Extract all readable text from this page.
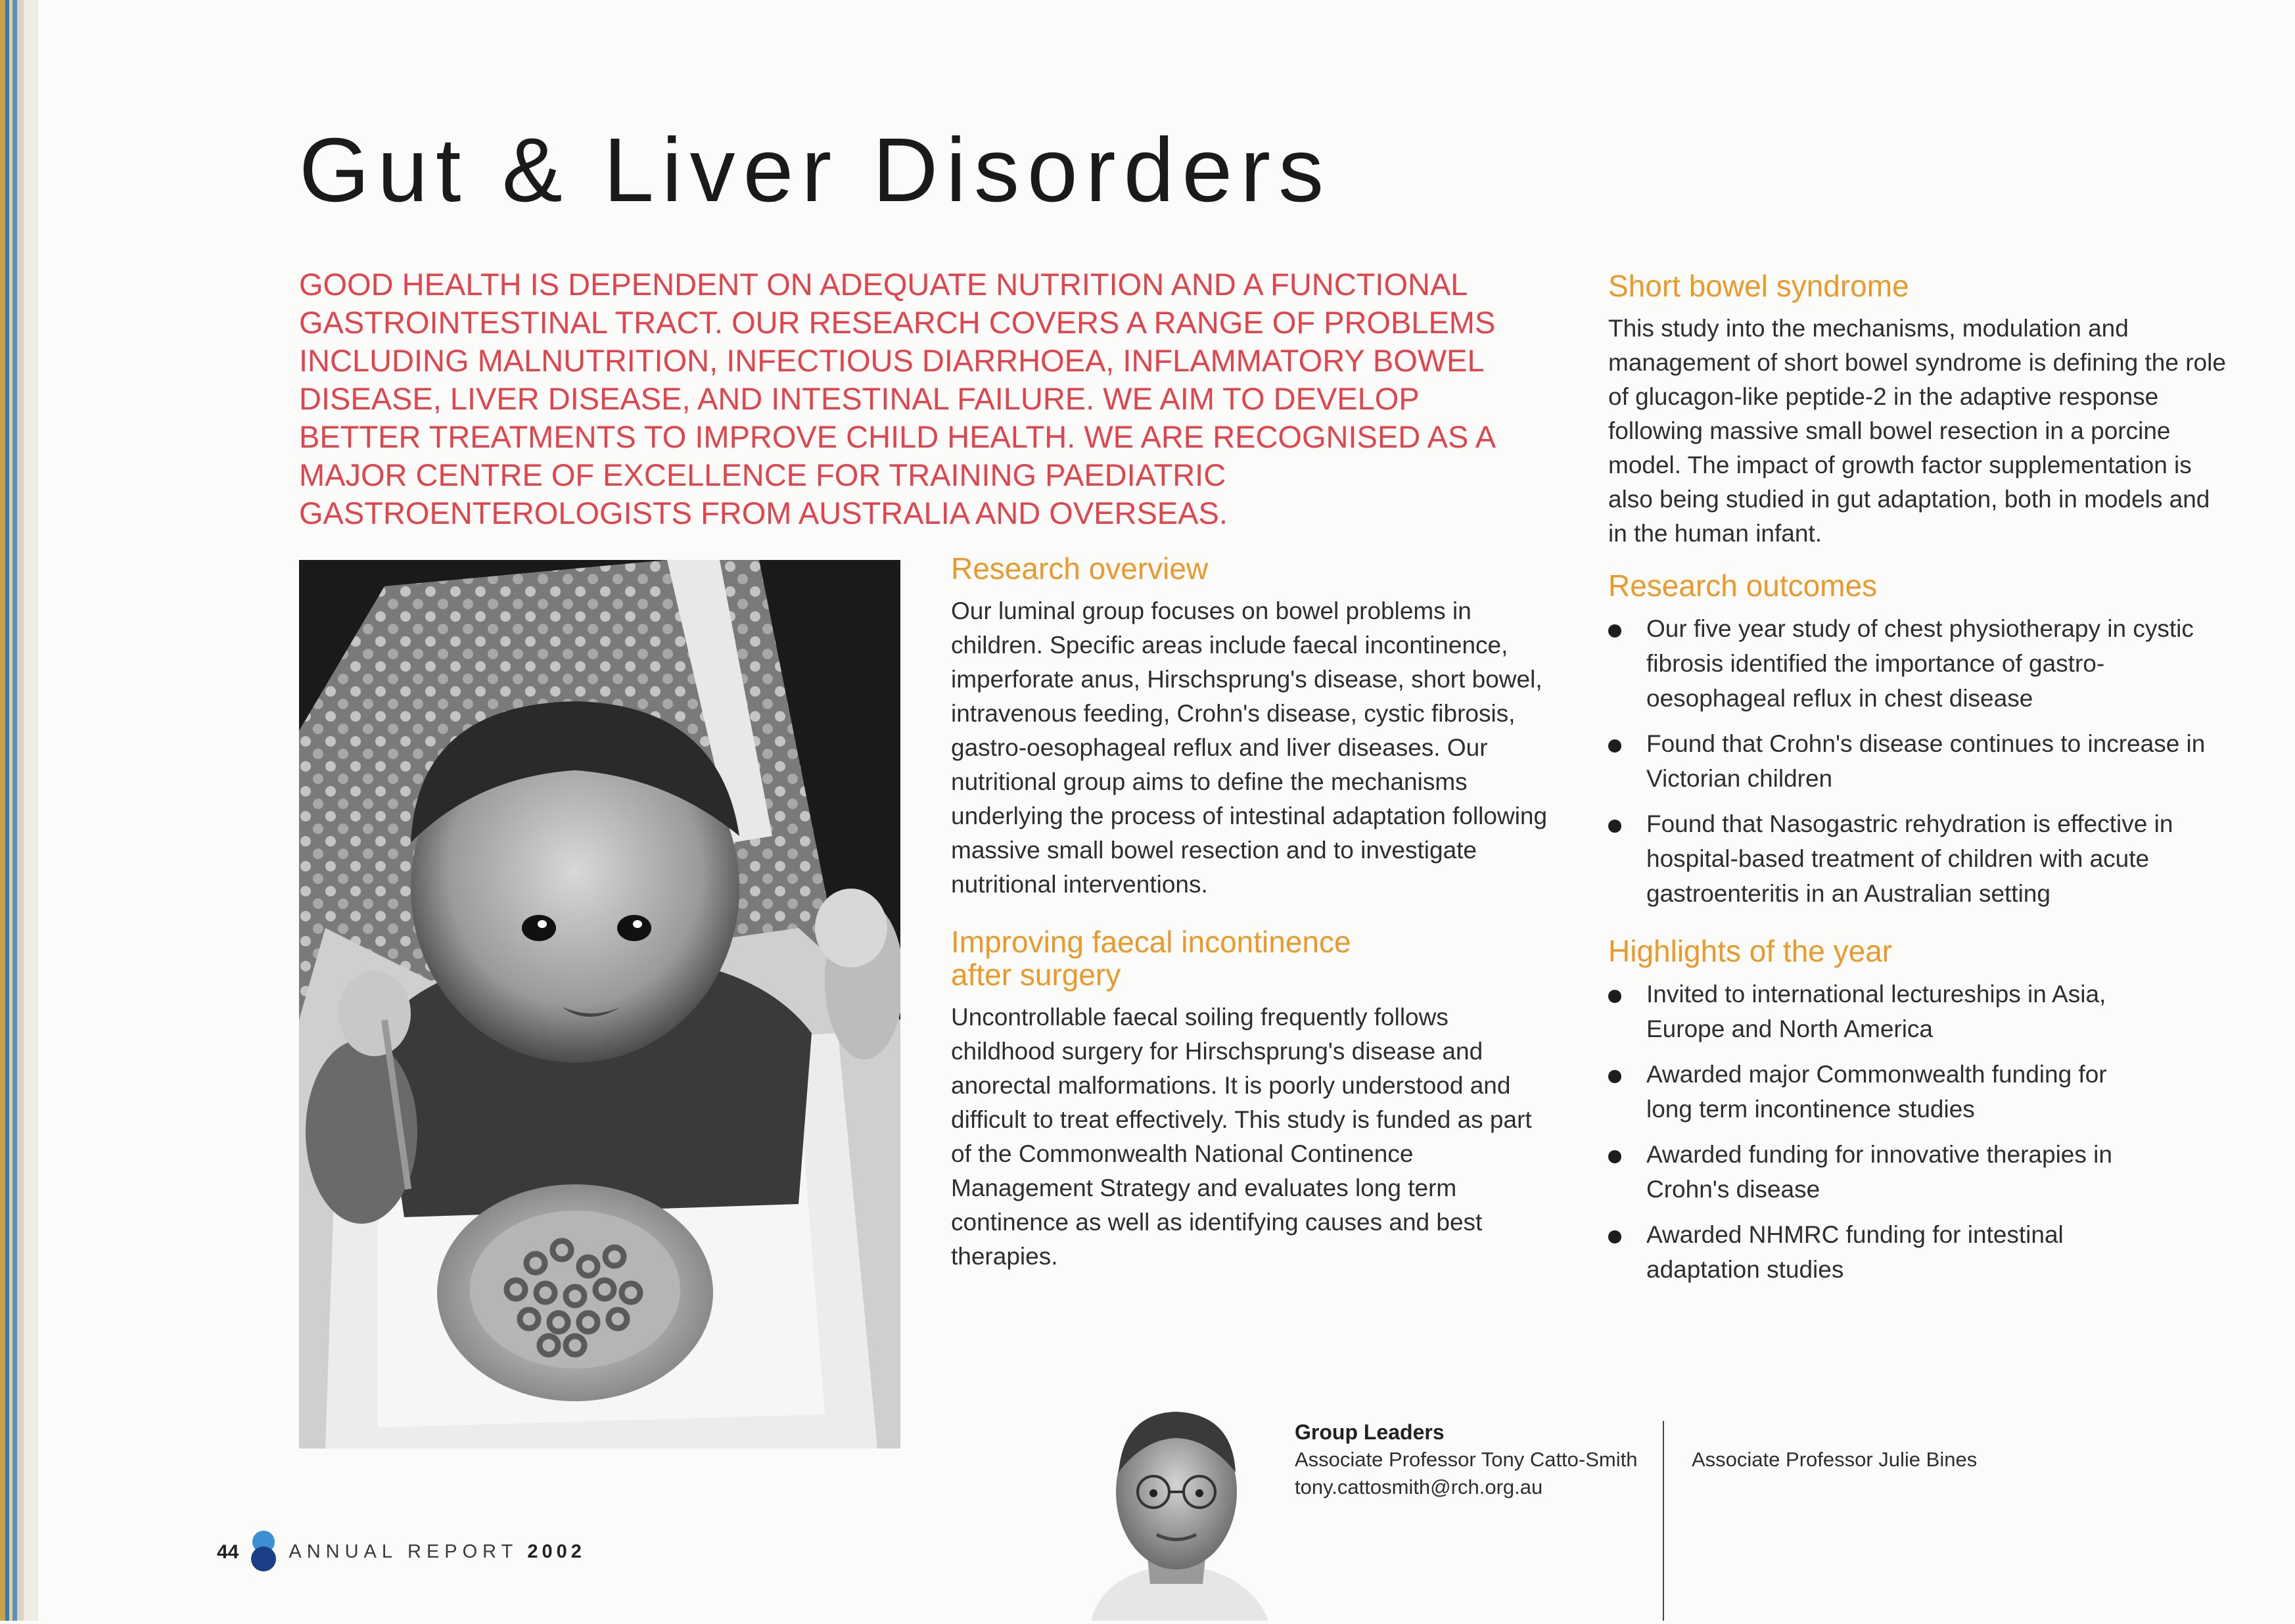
Gut & Liver Disorders

GOOD HEALTH IS DEPENDENT ON ADEQUATE NUTRITION AND A FUNCTIONAL GASTROINTESTINAL TRACT. OUR RESEARCH COVERS A RANGE OF PROBLEMS INCLUDING MALNUTRITION, INFECTIOUS DIARRHOEA, INFLAMMATORY BOWEL DISEASE, LIVER DISEASE, AND INTESTINAL FAILURE. WE AIM TO DEVELOP BETTER TREATMENTS TO IMPROVE CHILD HEALTH. WE ARE RECOGNISED AS A MAJOR CENTRE OF EXCELLENCE FOR TRAINING PAEDIATRIC GASTROENTEROLOGISTS FROM AUSTRALIA AND OVERSEAS.

Research overview

Our luminal group focuses on bowel problems in children. Specific areas include faecal incontinence, imperforate anus, Hirschsprung's disease, short bowel, intravenous feeding, Crohn's disease, cystic fibrosis, gastro-oesophageal reflux and liver diseases. Our nutritional group aims to define the mechanisms underlying the process of intestinal adaptation following massive small bowel resection and to investigate nutritional interventions.

Improving faecal incontinence after surgery

Uncontrollable faecal soiling frequently follows childhood surgery for Hirschsprung's disease and anorectal malformations. It is poorly understood and difficult to treat effectively. This study is funded as part of the Commonwealth National Continence Management Strategy and evaluates long term continence as well as identifying causes and best therapies.

Short bowel syndrome

This study into the mechanisms, modulation and management of short bowel syndrome is defining the role of glucagon-like peptide-2 in the adaptive response following massive small bowel resection in a porcine model. The impact of growth factor supplementation is also being studied in gut adaptation, both in models and in the human infant.

Research outcomes
Our five year study of chest physiotherapy in cystic fibrosis identified the importance of gastro-oesophageal reflux in chest disease
Found that Crohn's disease continues to increase in Victorian children
Found that Nasogastric rehydration is effective in hospital-based treatment of children with acute gastroenteritis in an Australian setting
Highlights of the year
Invited to international lectureships in Asia, Europe and North America
Awarded major Commonwealth funding for long term incontinence studies
Awarded funding for innovative therapies in Crohn's disease
Awarded NHMRC funding for intestinal adaptation studies
Group Leaders
Associate Professor Tony Catto-Smith
tony.cattosmith@rch.org.au
Associate Professor Julie Bines
44	ANNUAL REPORT 2002
